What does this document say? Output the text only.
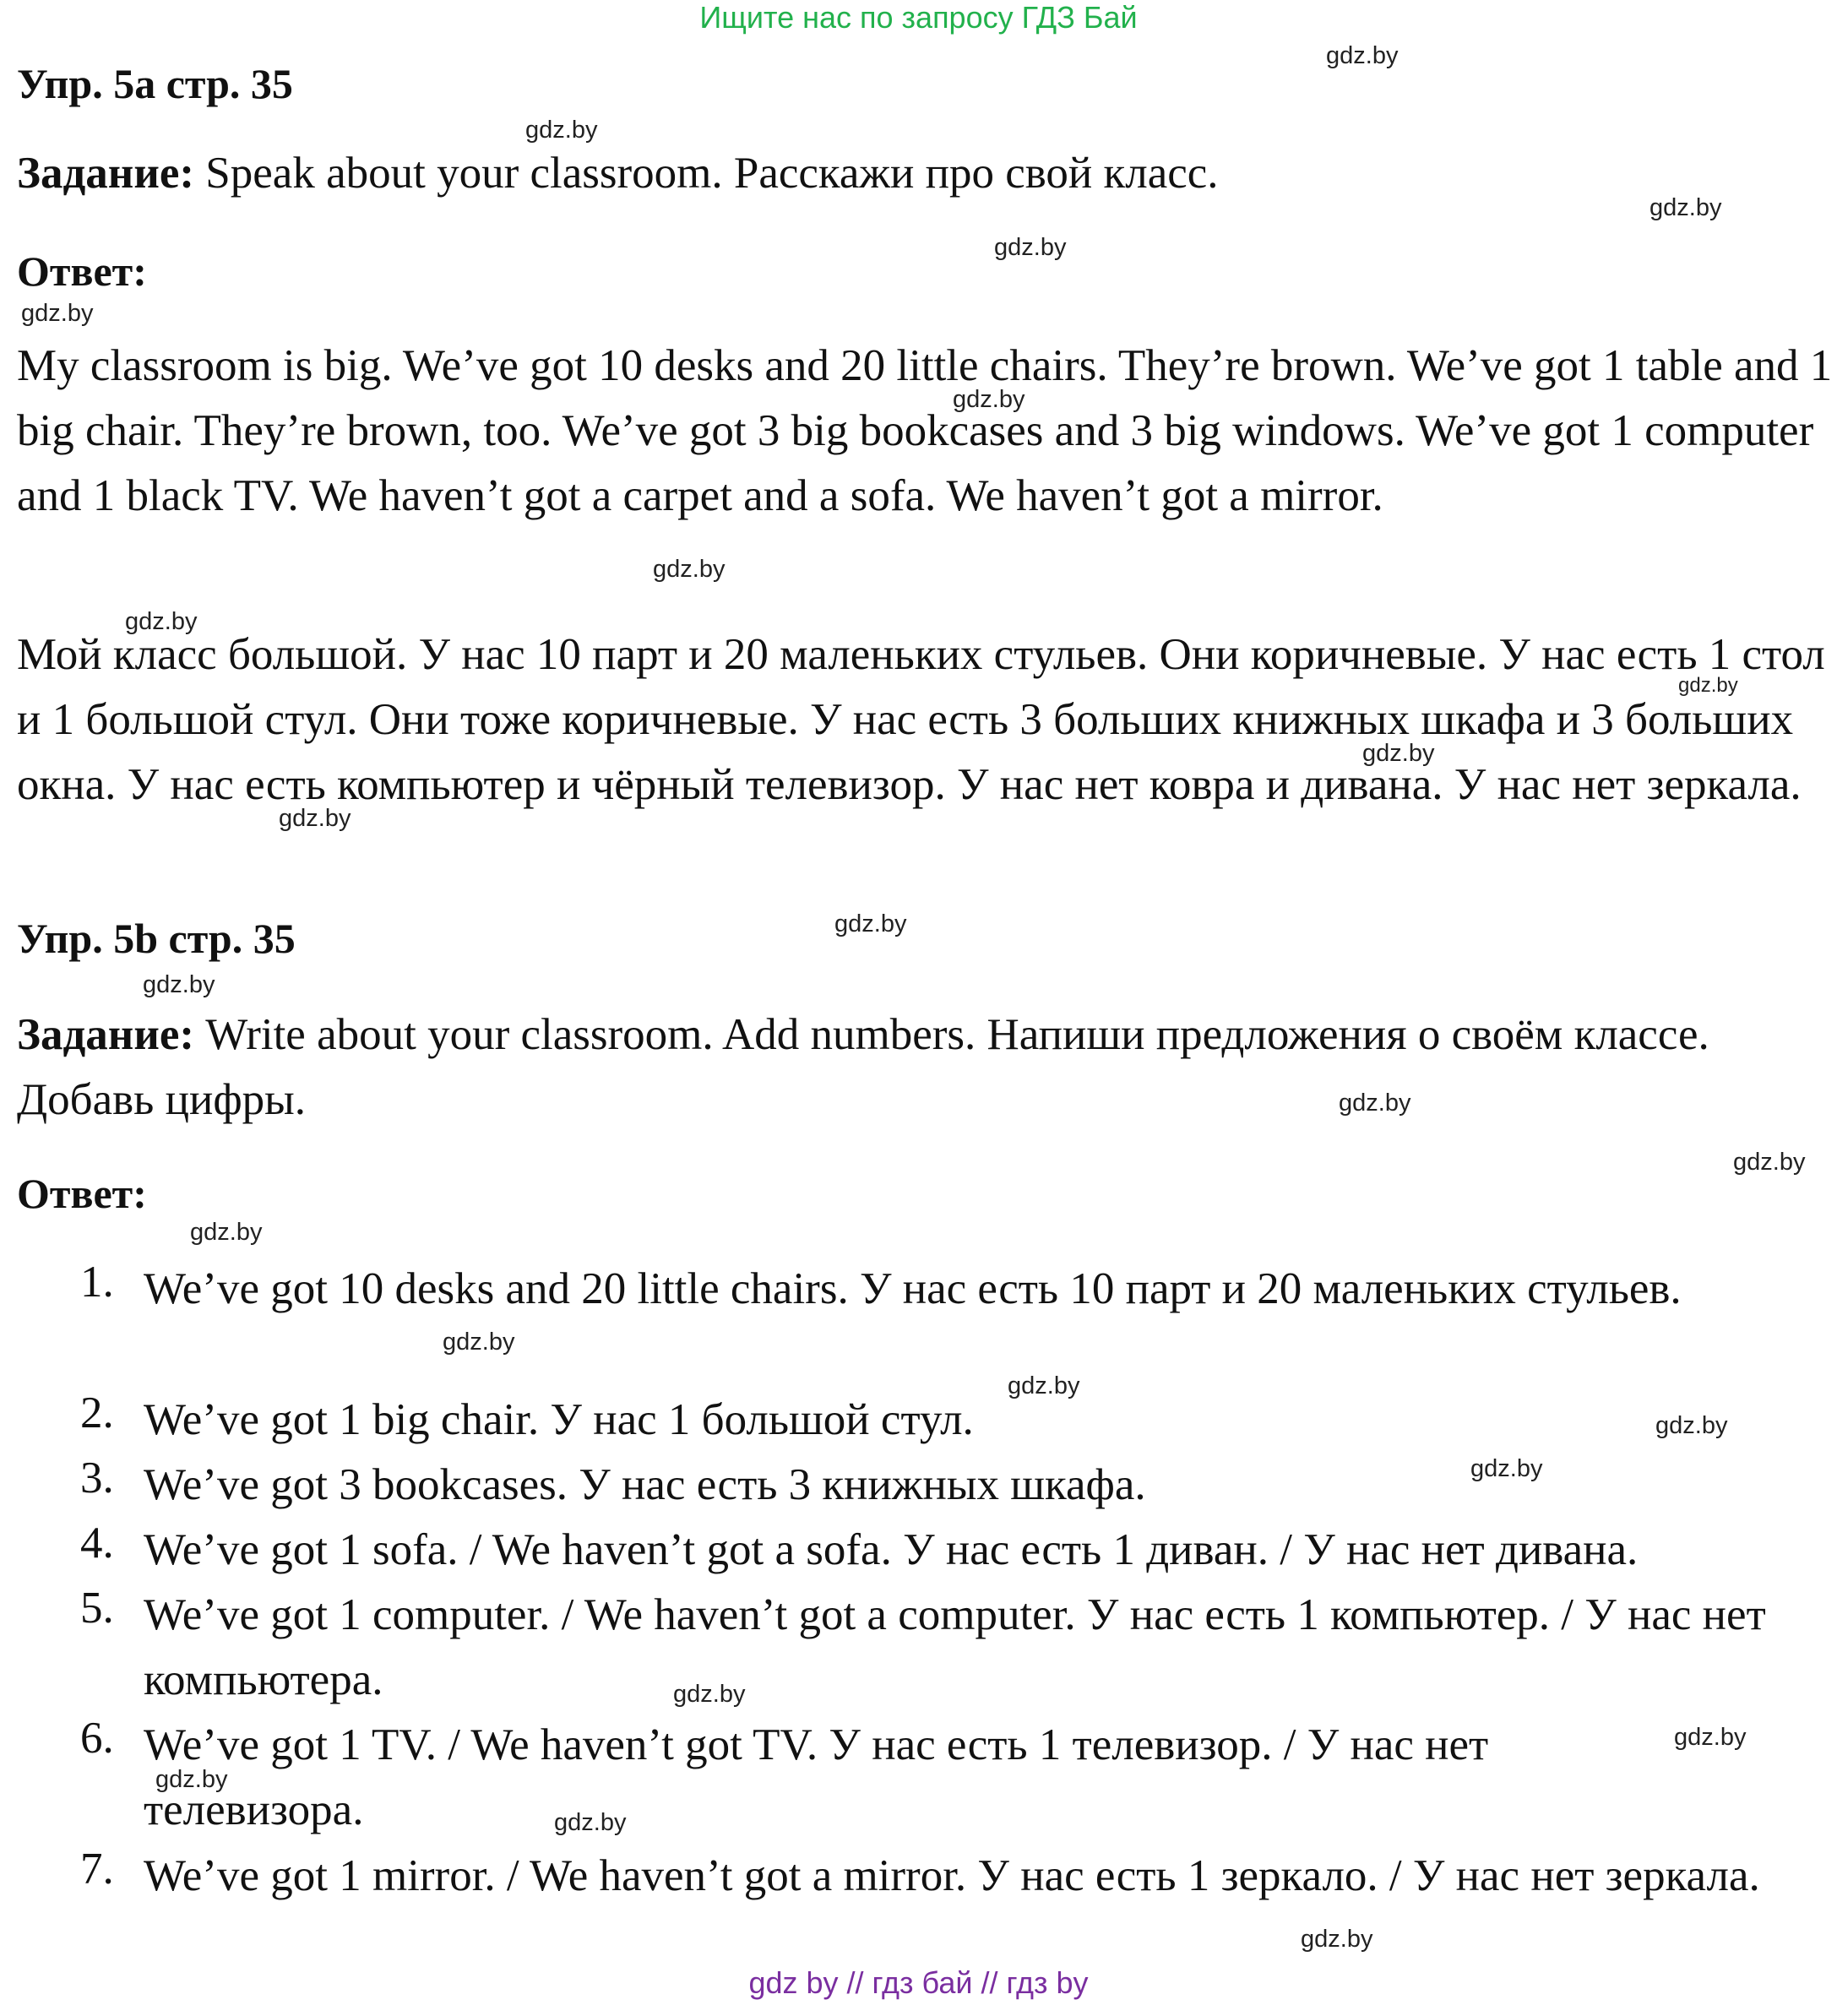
Ищите нас по запросу ГДЗ Бай
Упр. 5а стр. 35
Задание: Speak about your classroom. Расскажи про свой класс.
Ответ:
My classroom is big. We’ve got 10 desks and 20 little chairs. They’re brown. We’ve got 1 table and 1 big chair. They’re brown, too. We’ve got 3 big bookcases and 3 big windows. We’ve got 1 computer and 1 black TV. We haven’t got a carpet and a sofa. We haven’t got a mirror.
Мой класс большой. У нас 10 парт и 20 маленьких стульев. Они коричневые. У нас есть 1 стол и 1 большой стул. Они тоже коричневые. У нас есть 3 больших книжных шкафа и 3 больших окна. У нас есть компьютер и чёрный телевизор. У нас нет ковра и дивана. У нас нет зеркала.
Упр. 5b стр. 35
Задание: Write about your classroom. Add numbers. Напиши предложения о своём классе. Добавь цифры.
Ответ:
1. We’ve got 10 desks and 20 little chairs. У нас есть 10 парт и 20 маленьких стульев.
2. We’ve got 1 big chair. У нас 1 большой стул.
3. We’ve got 3 bookcases. У нас есть 3 книжных шкафа.
4. We’ve got 1 sofa. / We haven’t got a sofa. У нас есть 1 диван. / У нас нет дивана.
5. We’ve got 1 computer. / We haven’t got a computer. У нас есть 1 компьютер. / У нас нет компьютера.
6. We’ve got 1 TV. / We haven’t got TV. У нас есть 1 телевизор. / У нас нет телевизора.
7. We’ve got 1 mirror. / We haven’t got a mirror. У нас есть 1 зеркало. / У нас нет зеркала.
gdz.by
gdz.by
gdz.by
gdz.by
gdz.by
gdz.by
gdz.by
gdz.by
gdz.by
gdz.by
gdz.by
gdz.by
gdz.by
gdz.by
gdz.by
gdz.by
gdz.by
gdz.by
gdz.by
gdz.by
gdz.by
gdz.by
gdz.by
gdz.by
gdz.by
gdz by // гдз бай // гдз by
